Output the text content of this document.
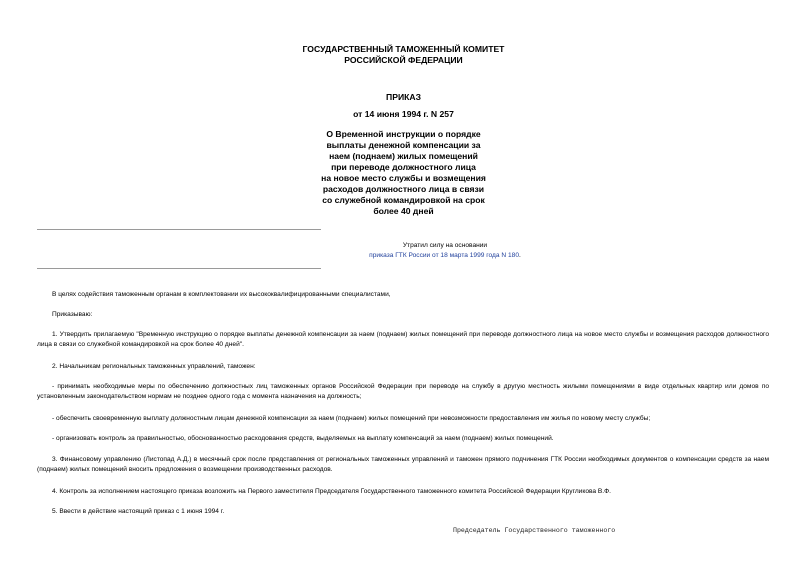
ГОСУДАРСТВЕННЫЙ ТАМОЖЕННЫЙ КОМИТЕТ
РОССИЙСКОЙ ФЕДЕРАЦИИ
ПРИКАЗ
от 14 июня 1994 г. N 257
О Временной инструкции о порядке
выплаты денежной компенсации за
наем (поднаем) жилых помещений
при переводе должностного лица
на новое место службы и возмещения
расходов должностного лица в связи
со служебной командировкой на срок
более 40 дней
Утратил силу на основании
приказа ГТК России от 18 марта 1999 года N 180.
В целях содействия таможенным органам в комплектовании их высококвалифицированными специалистами,
Приказываю:
1. Утвердить прилагаемую "Временную инструкцию о порядке выплаты денежной компенсации за наем (поднаем) жилых помещений при переводе должностного лица на новое место службы и возмещения расходов должностного лица в связи со служебной командировкой на срок более 40 дней".
2. Начальникам региональных таможенных управлений, таможен:
- принимать необходимые меры по обеспечению должностных лиц таможенных органов Российской Федерации при переводе на службу в другую местность жилыми помещениями в виде отдельных квартир или домов по установленным законодательством нормам не позднее одного года с момента назначения на должность;
- обеспечить своевременную выплату должностным лицам денежной компенсации за наем (поднаем) жилых помещений при невозможности предоставления им жилья по новому месту службы;
- организовать контроль за правильностью, обоснованностью расходования средств, выделяемых на выплату компенсаций за наем (поднаем) жилых помещений.
3. Финансовому управлению (Листопад А.Д.) в месячный срок после представления от региональных таможенных управлений и таможен прямого подчинения ГТК России необходимых документов о компенсации средств за наем (поднаем) жилых помещений вносить предложения о возмещении производственных расходов.
4. Контроль за исполнением настоящего приказа возложить на Первого заместителя Председателя Государственного таможенного комитета Российской Федерации Кругликова В.Ф.
5. Ввести в действие настоящий приказ с 1 июня 1994 г.
Председатель Государственного таможенного
